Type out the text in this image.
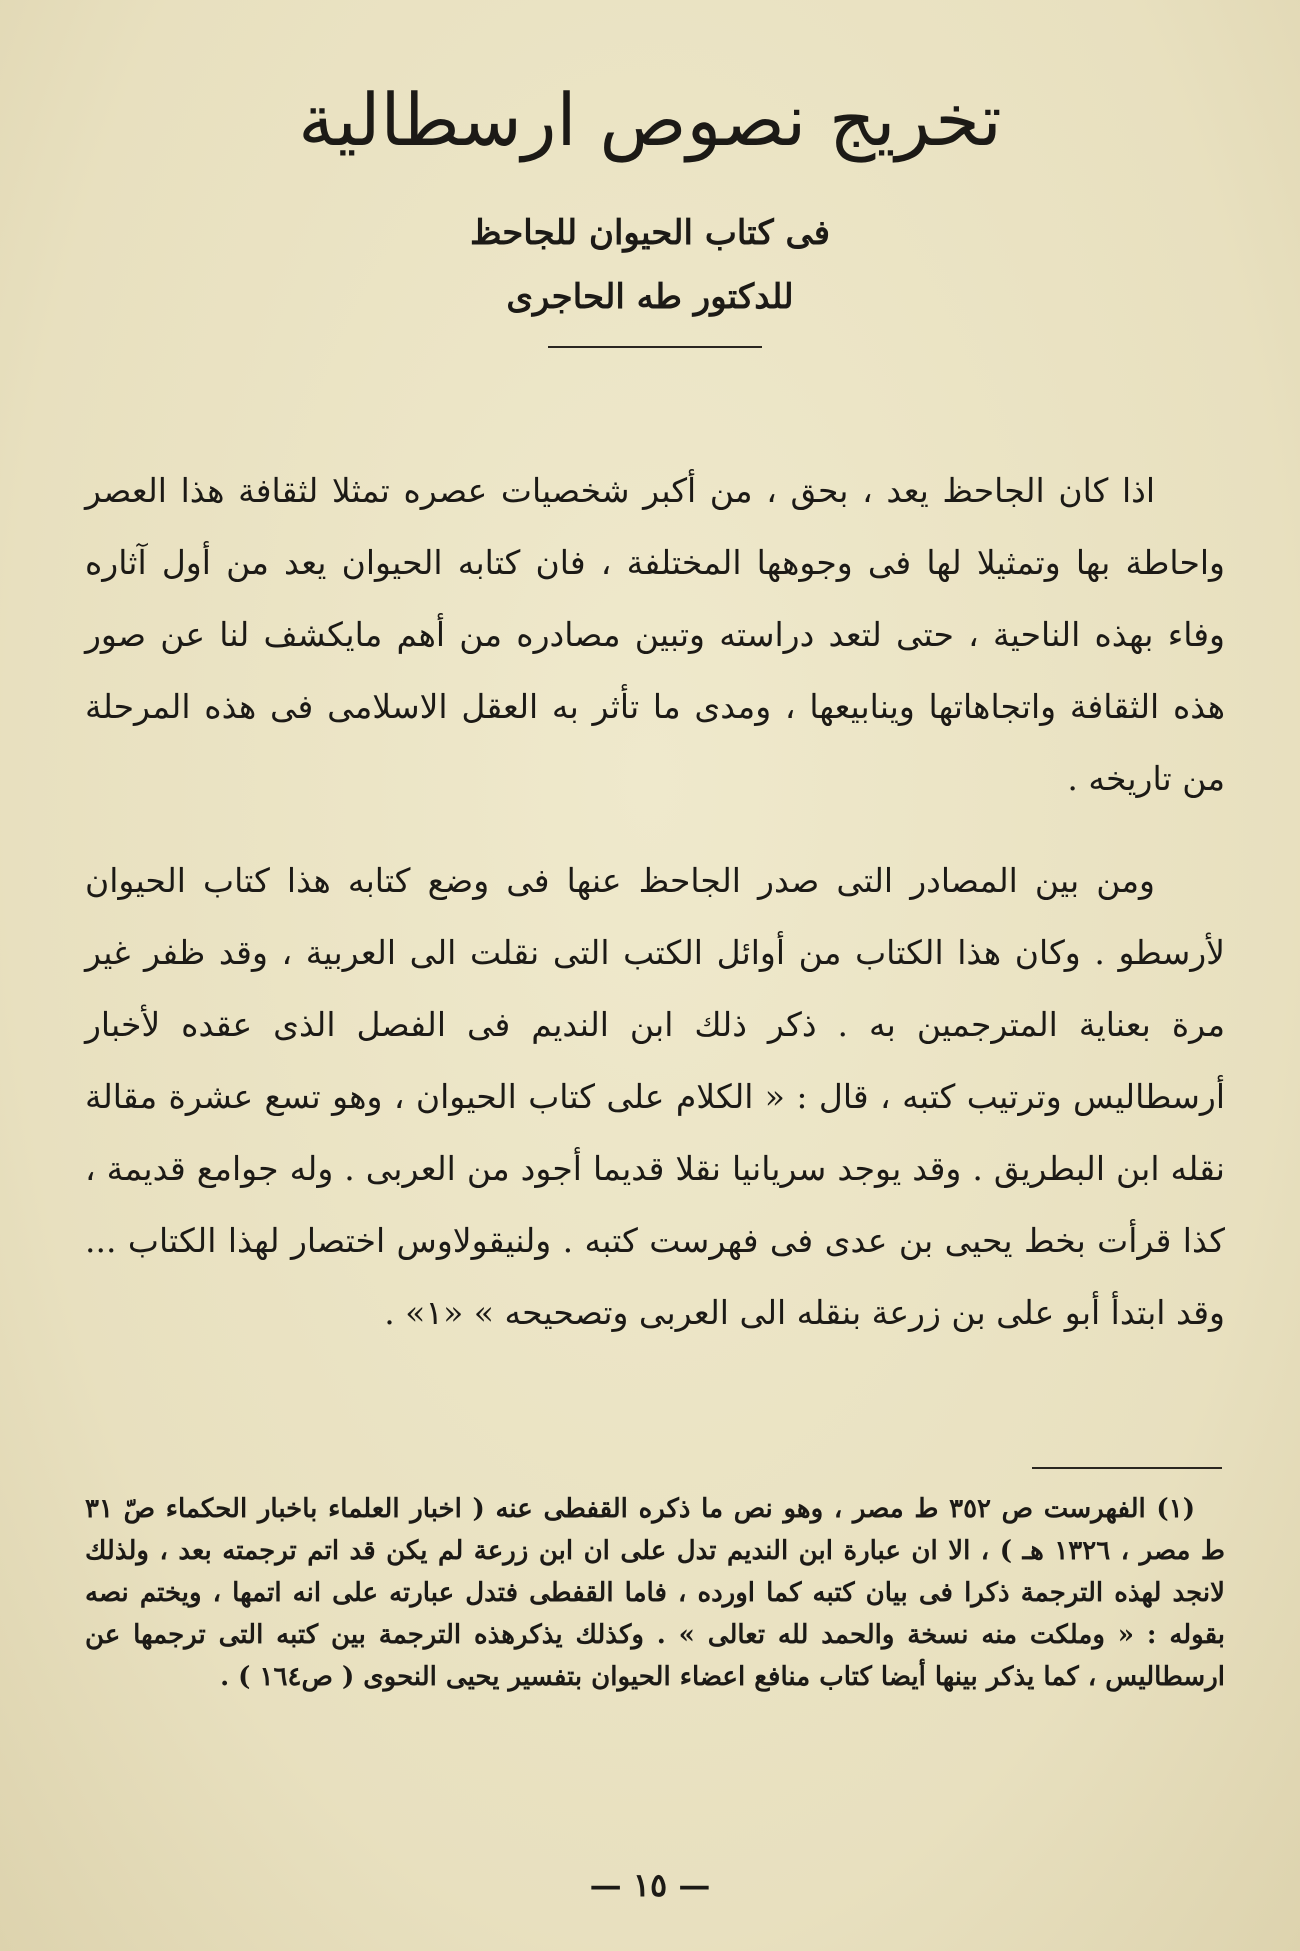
تخريج نصوص ارسطالية

فى كتاب الحيوان للجاحظ

للدكتور طه الحاجرى

اذا كان الجاحظ يعد ، بحق ، من أكبر شخصيات عصره تمثلا لثقافة هذا العصر واحاطة بها وتمثيلا لها فى وجوهها المختلفة ، فان كتابه الحيوان يعد من أول آثاره وفاء بهذه الناحية ، حتى لتعد دراسته وتبين مصادره من أهم مايكشف لنا عن صور هذه الثقافة واتجاهاتها وينابيعها ، ومدى ما تأثر به العقل الاسلامى فى هذه المرحلة من تاريخه .

ومن بين المصادر التى صدر الجاحظ عنها فى وضع كتابه هذا كتاب الحيوان لأرسطو . وكان هذا الكتاب من أوائل الكتب التى نقلت الى العربية ، وقد ظفر غير مرة بعناية المترجمين به . ذكر ذلك ابن النديم فى الفصل الذى عقده لأخبار أرسطاليس وترتيب كتبه ، قال : « الكلام على كتاب الحيوان ، وهو تسع عشرة مقالة نقله ابن البطريق . وقد يوجد سريانيا نقلا قديما أجود من العربى . وله جوامع قديمة ، كذا قرأت بخط يحيى بن عدى فى فهرست كتبه . ولنيقولاوس اختصار لهذا الكتاب ... وقد ابتدأ أبو على بن زرعة بنقله الى العربى وتصحيحه » «١» .

(١) الفهرست ص ٣٥٢ ط مصر ، وهو نص ما ذكره القفطى عنه ( اخبار العلماء باخبار الحكماء صّ ٣١ ط مصر ، ١٣٢٦ هـ ) ، الا ان عبارة ابن النديم تدل على ان ابن زرعة لم يكن قد اتم ترجمته بعد ، ولذلك لانجد لهذه الترجمة ذكرا فى بيان كتبه كما اورده ، فاما القفطى فتدل عبارته على انه اتمها ، ويختم نصه بقوله : « وملكت منه نسخة والحمد لله تعالى » . وكذلك يذكرهذه الترجمة بين كتبه التى ترجمها عن ارسطاليس ، كما يذكر بينها أيضا كتاب منافع اعضاء الحيوان بتفسير يحيى النحوى ( ص١٦٤ ) .

— ١٥ —
